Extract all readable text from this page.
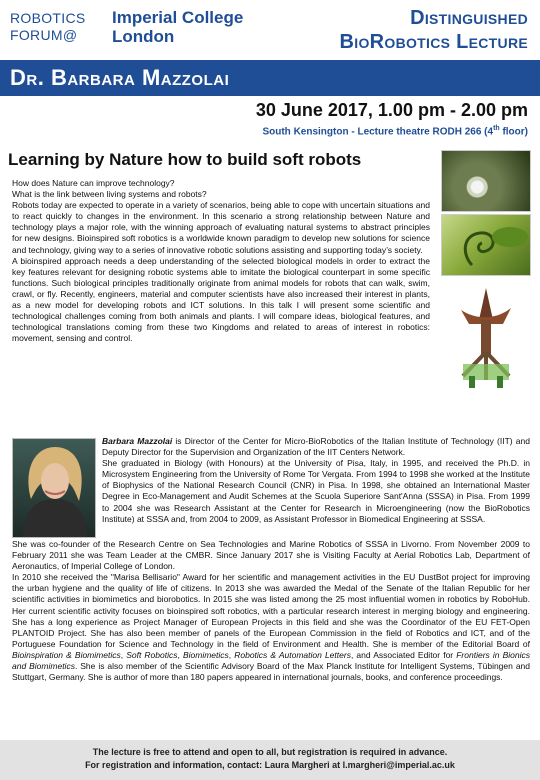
ROBOTICS
FORUM@
Imperial College
London
Distinguished
BioRobotics Lecture
Dr. Barbara Mazzolai
30 June 2017, 1.00 pm - 2.00 pm
South Kensington - Lecture theatre RODH 266 (4th floor)
Learning by Nature how to build soft robots

How does Nature can improve technology?

What is the link between living systems and robots?

Robots today are expected to operate in a variety of scenarios, being able to cope with uncertain situations and to react quickly to changes in the environment. In this scenario a strong relationship between Nature and technology plays a major role, with the winning approach of evaluating natural systems to abstract principles for new designs. Bioinspired soft robotics is a worldwide known paradigm to develop new solutions for science and technology, giving way to a series of innovative robotic solutions assisting and supporting today’s society.

A bioinspired approach needs a deep understanding of the selected biological models in order to extract the key features relevant for designing robotic systems able to imitate the biological counterpart in some specific functions. Such biological principles traditionally originate from animal models for robots that can walk, swim, crawl, or fly. Recently, engineers, material and computer scientists have also increased their interest in plants, as a new model for developing robots and ICT solutions. In this talk I will present some scientific and technological challenges coming from both animals and plants. I will compare ideas, biological features, and technological translations coming from these two Kingdoms and related to areas of interest in robotics: movement, sensing and control.

Barbara Mazzolai is Director of the Center for Micro-BioRobotics of the Italian Institute of Technology (IIT) and Deputy Director for the Supervision and Organization of the IIT Centers Network.

She graduated in Biology (with Honours) at the University of Pisa, Italy, in 1995, and received the Ph.D. in Microsystem Engineering from the University of Rome Tor Vergata. From 1994 to 1998 she worked at the Institute of Biophysics of the National Research Council (CNR) in Pisa. In 1998, she obtained an International Master Degree in Eco-Management and Audit Schemes at the Scuola Superiore Sant'Anna (SSSA) in Pisa. From 1999 to 2004 she was Research Assistant at the Center for Research in Microengineering (now the BioRobotics Institute) at SSSA and, from 2004 to 2009, as Assistant Professor in Biomedical Engineering at SSSA.

She was co-founder of the Research Centre on Sea Technologies and Marine Robotics of SSSA in Livorno. From November 2009 to February 2011 she was Team Leader at the CMBR. Since January 2017 she is Visiting Faculty at Aerial Robotics Lab, Department of Aeronautics, of Imperial College of London.

In 2010 she received the "Marisa Bellisario" Award for her scientific and management activities in the EU DustBot project for improving the urban hygiene and the quality of life of citizens. In 2013 she was awarded the Medal of the Senate of the Italian Republic for her scientific activities in biomimetics and biorobotics. In 2015 she was listed among the 25 most influential women in robotics by RoboHub. Her current scientific activity focuses on bioinspired soft robotics, with a particular research interest in merging biology and engineering. She has a long experience as Project Manager of European Projects in this field and she was the Coordinator of the EU FET-Open PLANTOID Project. She has also been member of panels of the European Commission in the field of Robotics and ICT, and of the Portuguese Foundation for Science and Technology in the field of Environment and Health. She is member of the Editorial Board of Bioinspiration & Biomimetics, Soft Robotics, Biomimetics, Robotics & Automation Letters, and Associated Editor for Frontiers in Bionics and Biomimetics. She is also member of the Scientific Advisory Board of the Max Planck Institute for Intelligent Systems, Tübingen and Stuttgart, Germany. She is author of more than 180 papers appeared in international journals, books, and conference proceedings.

The lecture is free to attend and open to all, but registration is required in advance.
For registration and information, contact: Laura Margheri at l.margheri@imperial.ac.uk
